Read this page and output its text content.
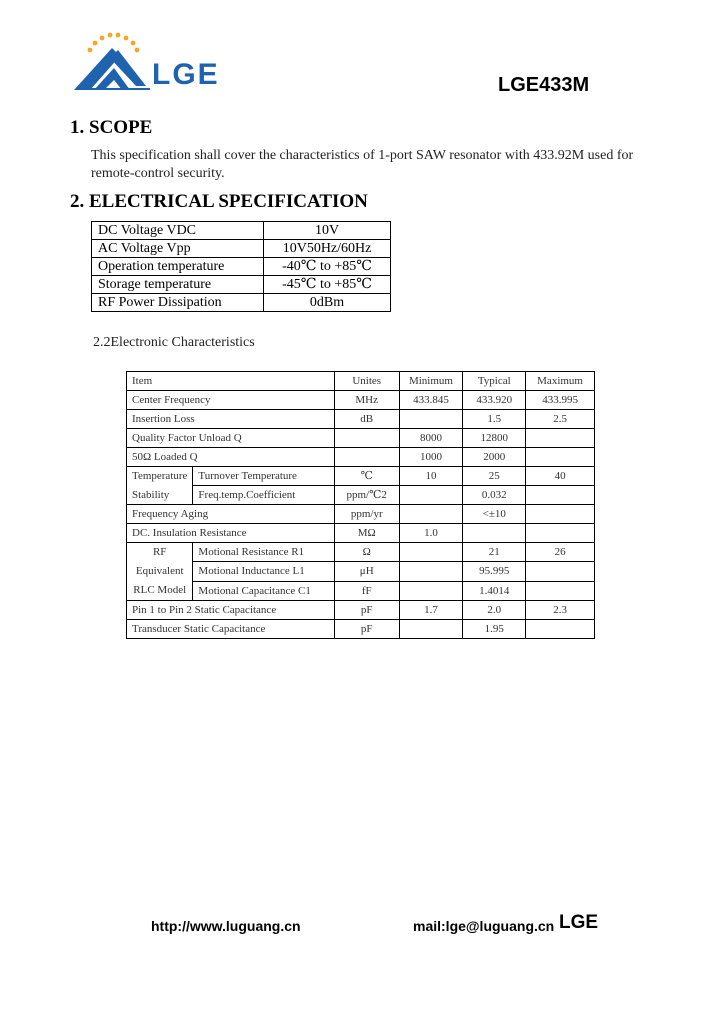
LGE	LGE433M
1. SCOPE
This specification shall cover the characteristics of 1-port SAW resonator with 433.92M used for remote-control security.
2. ELECTRICAL SPECIFICATION
DC Voltage VDC	10V
AC Voltage Vpp	10V50Hz/60Hz
Operation temperature	-40℃ to +85℃
Storage temperature	-45℃ to +85℃
RF Power Dissipation	0dBm
2.2Electronic Characteristics
Item		Unites	Minimum	Typical	Maximum
Center Frequency		MHz	433.845	433.920	433.995
Insertion Loss		dB		1.5	2.5
Quality Factor Unload Q			8000	12800	
50Ω Loaded Q			1000	2000	
Temperature	Turnover Temperature	℃	10	25	40
Stability	Freq.temp.Coefficient	ppm/℃2		0.032	
Frequency Aging		ppm/yr		<±10	
DC. Insulation Resistance		MΩ	1.0		
RF Equivalent
RLC Model	Motional Resistance R1	Ω		21	26
	Motional Inductance L1	μH		95.995	
	Motional Capacitance C1	fF		1.4014	
Pin 1 to Pin 2 Static Capacitance		pF	1.7	2.0	2.3
Transducer Static Capacitance		pF		1.95	
http://www.luguang.cn	mail:lge@luguang.cn LGE
